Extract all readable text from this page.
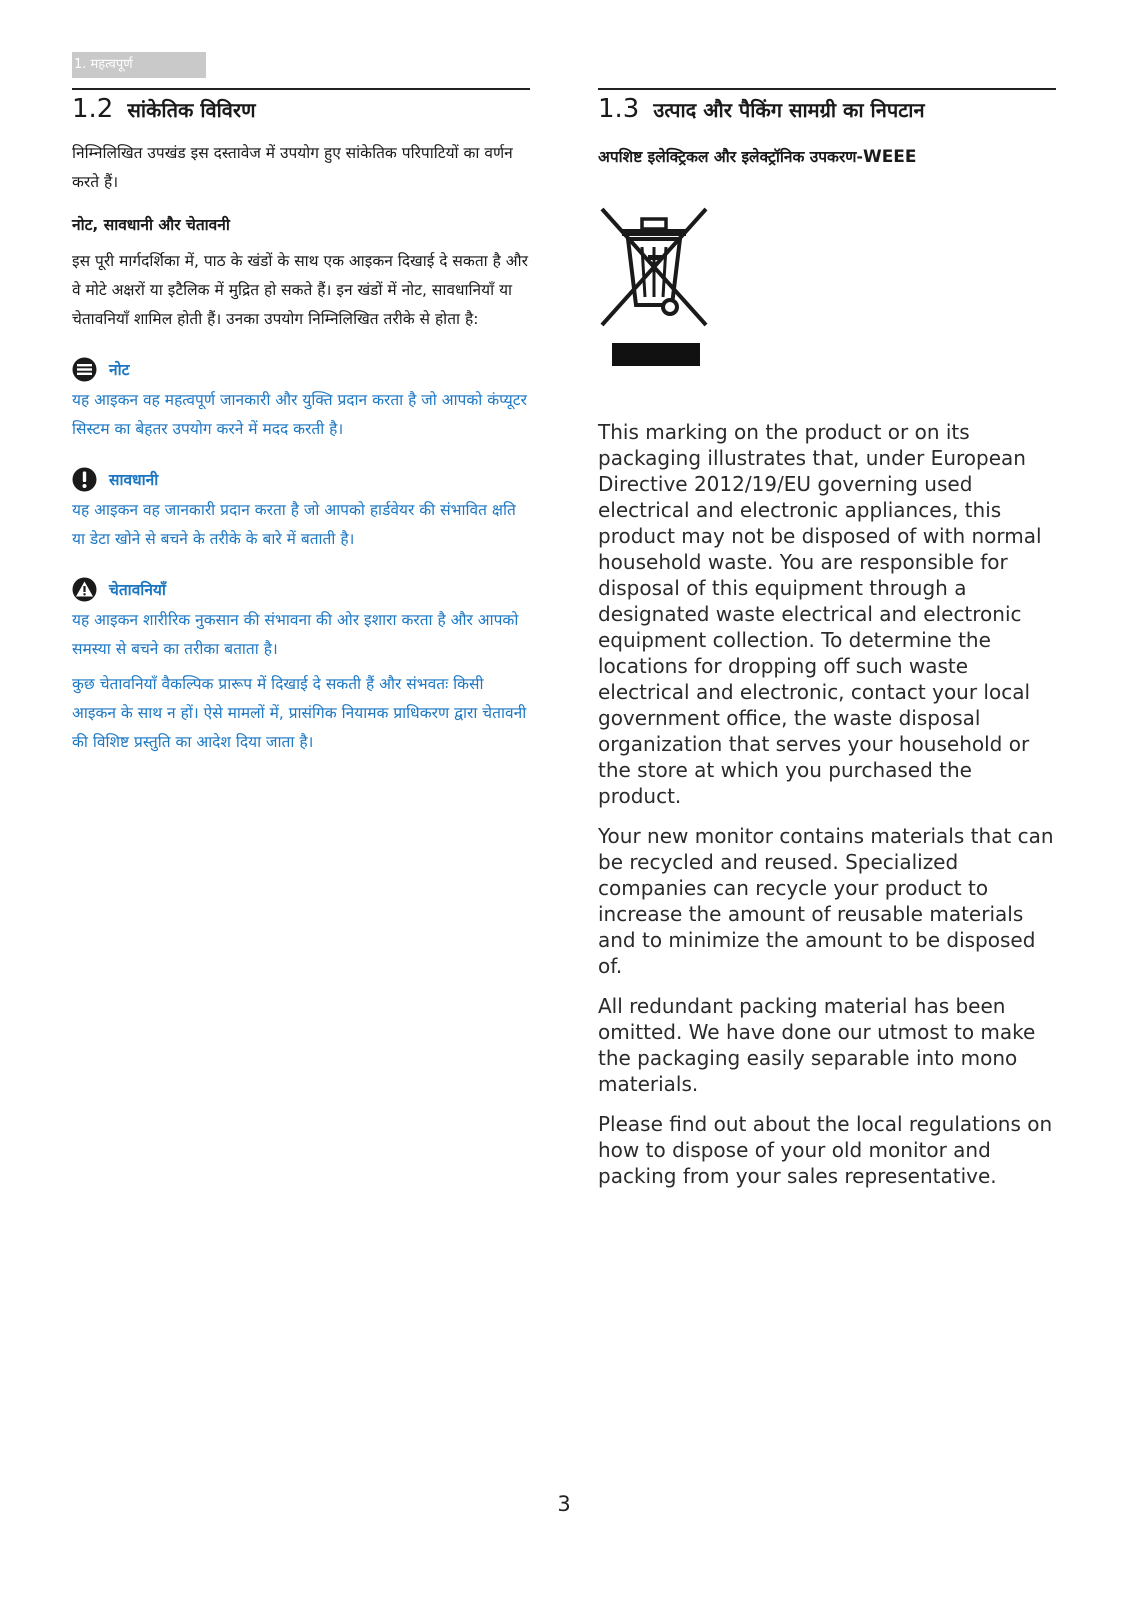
1. महत्वपूर्ण
1.2 सांकेतिक विविरण

निम्निलिखित उपखंड इस दस्तावेज में उपयोग हुए सांकेतिक परिपाटियों का वर्णन करते हैं।

नोट, सावधानी और चेतावनी

इस पूरी मार्गदर्शिका में, पाठ के खंडों के साथ एक आइकन दिखाई दे सकता है और वे मोटे अक्षरों या इटैलिक में मुद्रित हो सकते हैं। इन खंडों में नोट, सावधानियाँ या चेतावनियाँ शामिल होती हैं। उनका उपयोग निम्निलिखित तरीके से होता है:

नोट

यह आइकन वह महत्वपूर्ण जानकारी और युक्ति प्रदान करता है जो आपको कंप्यूटर सिस्टम का बेहतर उपयोग करने में मदद करती है।

सावधानी

यह आइकन वह जानकारी प्रदान करता है जो आपको हार्डवेयर की संभावित क्षति या डेटा खोने से बचने के तरीके के बारे में बताती है।

चेतावनियाँ

यह आइकन शारीरिक नुकसान की संभावना की ओर इशारा करता है और आपको समस्या से बचने का तरीका बताता है।

कुछ चेतावनियाँ वैकल्पिक प्रारूप में दिखाई दे सकती हैं और संभवतः किसी आइकन के साथ न हों। ऐसे मामलों में, प्रासंगिक नियामक प्राधिकरण द्वारा चेतावनी की विशिष्ट प्रस्तुति का आदेश दिया जाता है।

1.3 उत्पाद और पैकिंग सामग्री का निपटान

अपशिष्ट इलेक्ट्रिकल और इलेक्ट्रॉनिक उपकरण-WEEE

This marking on the product or on its packaging illustrates that, under European Directive 2012/19/EU governing used electrical and electronic appliances, this product may not be disposed of with normal household waste. You are responsible for disposal of this equipment through a designated waste electrical and electronic equipment collection. To determine the locations for dropping off such waste electrical and electronic, contact your local government office, the waste disposal organization that serves your household or the store at which you purchased the product.

Your new monitor contains materials that can be recycled and reused. Specialized companies can recycle your product to increase the amount of reusable materials and to minimize the amount to be disposed of.

All redundant packing material has been omitted. We have done our utmost to make the packaging easily separable into mono materials.

Please find out about the local regulations on how to dispose of your old monitor and packing from your sales representative.

3
